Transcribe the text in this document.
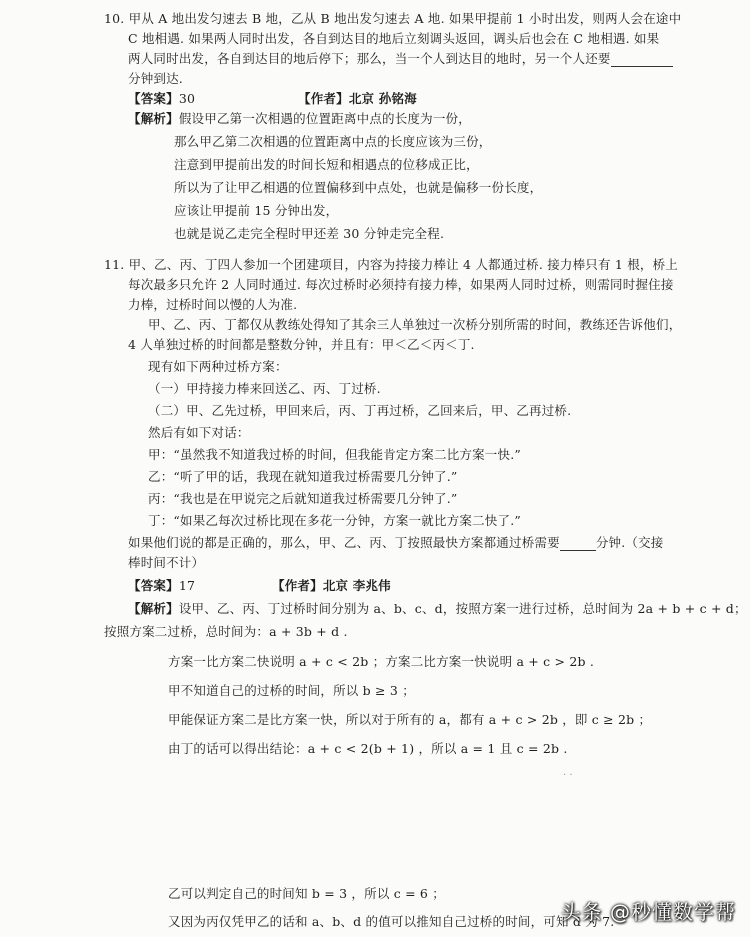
10. 甲从 A 地出发匀速去 B 地，乙从 B 地出发匀速去 A 地. 如果甲提前 1 小时出发，则两人会在途中
C 地相遇. 如果两人同时出发，各自到达目的地后立刻调头返回，调头后也会在 C 地相遇. 如果
两人同时出发，各自到达目的地后停下；那么，当一个人到达目的地时，另一个人还要
分钟到达.
【答案】30	【作者】北京 孙铭海
【解析】假设甲乙第一次相遇的位置距离中点的长度为一份，
那么甲乙第二次相遇的位置距离中点的长度应该为三份，
注意到甲提前出发的时间长短和相遇点的位移成正比，
所以为了让甲乙相遇的位置偏移到中点处，也就是偏移一份长度，
应该让甲提前 15 分钟出发，
也就是说乙走完全程时甲还差 30 分钟走完全程.
11. 甲、乙、丙、丁四人参加一个团建项目，内容为持接力棒让 4 人都通过桥. 接力棒只有 1 根，桥上
每次最多只允许 2 人同时通过. 每次过桥时必须持有接力棒，如果两人同时过桥，则需同时握住接
力棒，过桥时间以慢的人为准.
甲、乙、丙、丁都仅从教练处得知了其余三人单独过一次桥分别所需的时间，教练还告诉他们，
4 人单独过桥的时间都是整数分钟，并且有：甲＜乙＜丙＜丁.
现有如下两种过桥方案：
（一）甲持接力棒来回送乙、丙、丁过桥.
（二）甲、乙先过桥，甲回来后，丙、丁再过桥，乙回来后，甲、乙再过桥.
然后有如下对话：
甲：“虽然我不知道我过桥的时间，但我能肯定方案二比方案一快.”
乙：“听了甲的话，我现在就知道我过桥需要几分钟了.”
丙：“我也是在甲说完之后就知道我过桥需要几分钟了.”
丁：“如果乙每次过桥比现在多花一分钟，方案一就比方案二快了.”
如果他们说的都是正确的，那么，甲、乙、丙、丁按照最快方案都通过桥需要	分钟.（交接
棒时间不计）
【答案】17	【作者】北京 李兆伟
【解析】设甲、乙、丙、丁过桥时间分别为 a、b、c、d，按照方案一进行过桥，总时间为 2a + b + c + d；
按照方案二过桥，总时间为：a + 3b + d .
方案一比方案二快说明 a + c < 2b ；方案二比方案一快说明 a + c > 2b .
甲不知道自己的过桥的时间，所以 b ≥ 3 ；
甲能保证方案二是比方案一快，所以对于所有的 a，都有 a + c > 2b ，即 c ≥ 2b ；
由丁的话可以得出结论：a + c < 2(b + 1) ，所以 a = 1 且 c = 2b .
· ·
乙可以判定自己的时间知 b = 3 ，所以 c = 6 ；
又因为丙仅凭甲乙的话和 a、b、d 的值可以推知自己过桥的时间，可知 d 为 7.
头条 @秒懂数学帮
